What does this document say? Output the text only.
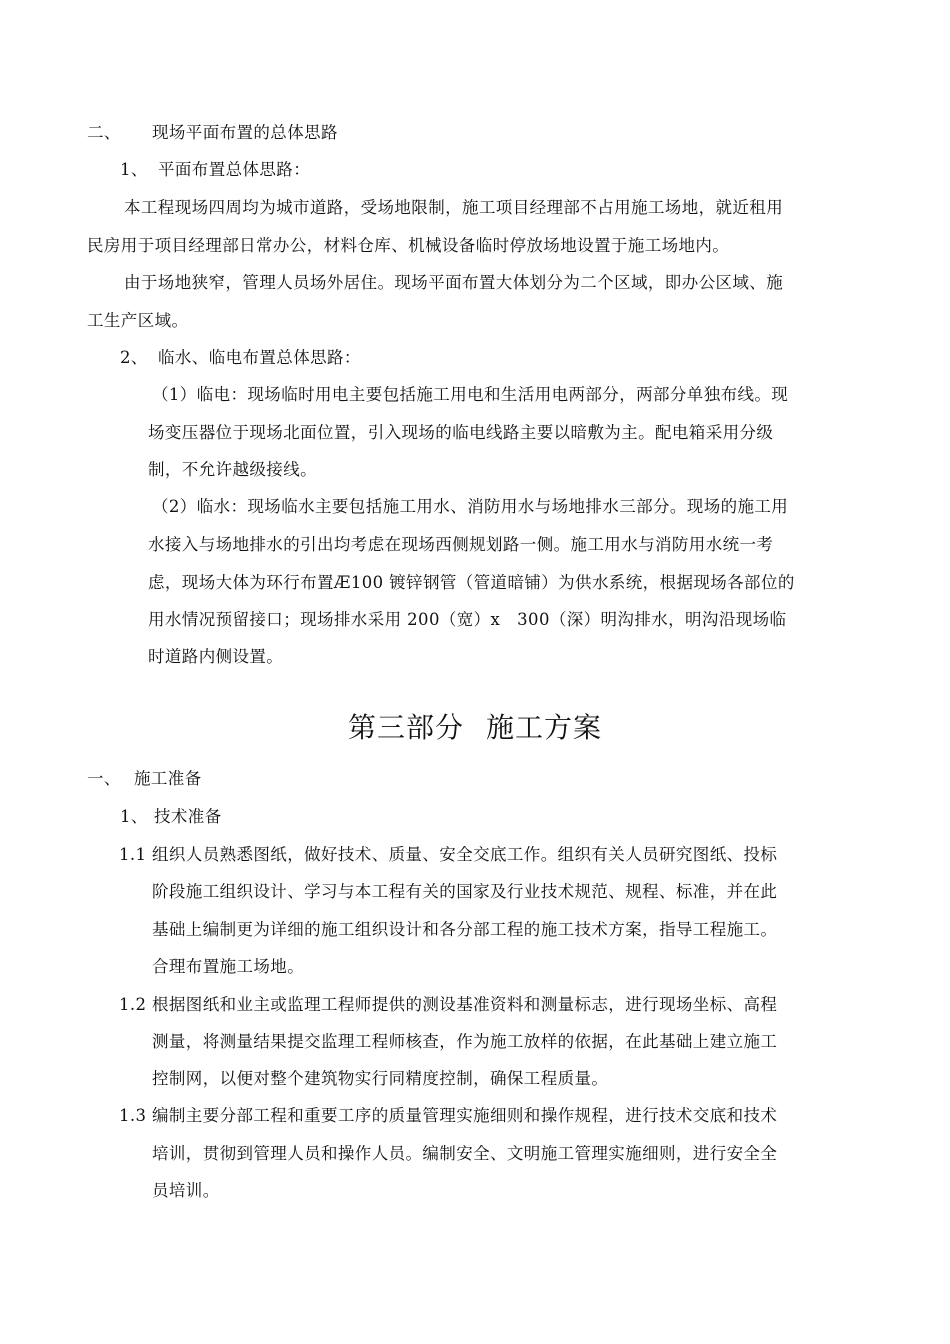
二、 现场平面布置的总体思路
1、 平面布置总体思路：
本工程现场四周均为城市道路，受场地限制，施工项目经理部不占用施工场地，就近租用
民房用于项目经理部日常办公，材料仓库、机械设备临时停放场地设置于施工场地内。
由于场地狭窄，管理人员场外居住。现场平面布置大体划分为二个区域，即办公区域、施
工生产区域。
2、 临水、临电布置总体思路：
（1）临电：现场临时用电主要包括施工用电和生活用电两部分，两部分单独布线。现
场变压器位于现场北面位置，引入现场的临电线路主要以暗敷为主。配电箱采用分级
制，不允许越级接线。
（2）临水：现场临水主要包括施工用水、消防用水与场地排水三部分。现场的施工用
水接入与场地排水的引出均考虑在现场西侧规划路一侧。施工用水与消防用水统一考
虑，现场大体为环行布置Æ100 镀锌钢管（管道暗铺）为供水系统，根据现场各部位的
用水情况预留接口；现场排水采用 200（宽）x　300（深）明沟排水，明沟沿现场临
时道路内侧设置。
第三部分 施工方案
一、 施工准备
1、 技术准备
1.1 组织人员熟悉图纸，做好技术、质量、安全交底工作。组织有关人员研究图纸、投标
阶段施工组织设计、学习与本工程有关的国家及行业技术规范、规程、标准，并在此
基础上编制更为详细的施工组织设计和各分部工程的施工技术方案，指导工程施工。
合理布置施工场地。
1.2 根据图纸和业主或监理工程师提供的测设基准资料和测量标志，进行现场坐标、高程
测量，将测量结果提交监理工程师核查，作为施工放样的依据，在此基础上建立施工
控制网，以便对整个建筑物实行同精度控制，确保工程质量。
1.3 编制主要分部工程和重要工序的质量管理实施细则和操作规程，进行技术交底和技术
培训，贯彻到管理人员和操作人员。编制安全、文明施工管理实施细则，进行安全全
员培训。
